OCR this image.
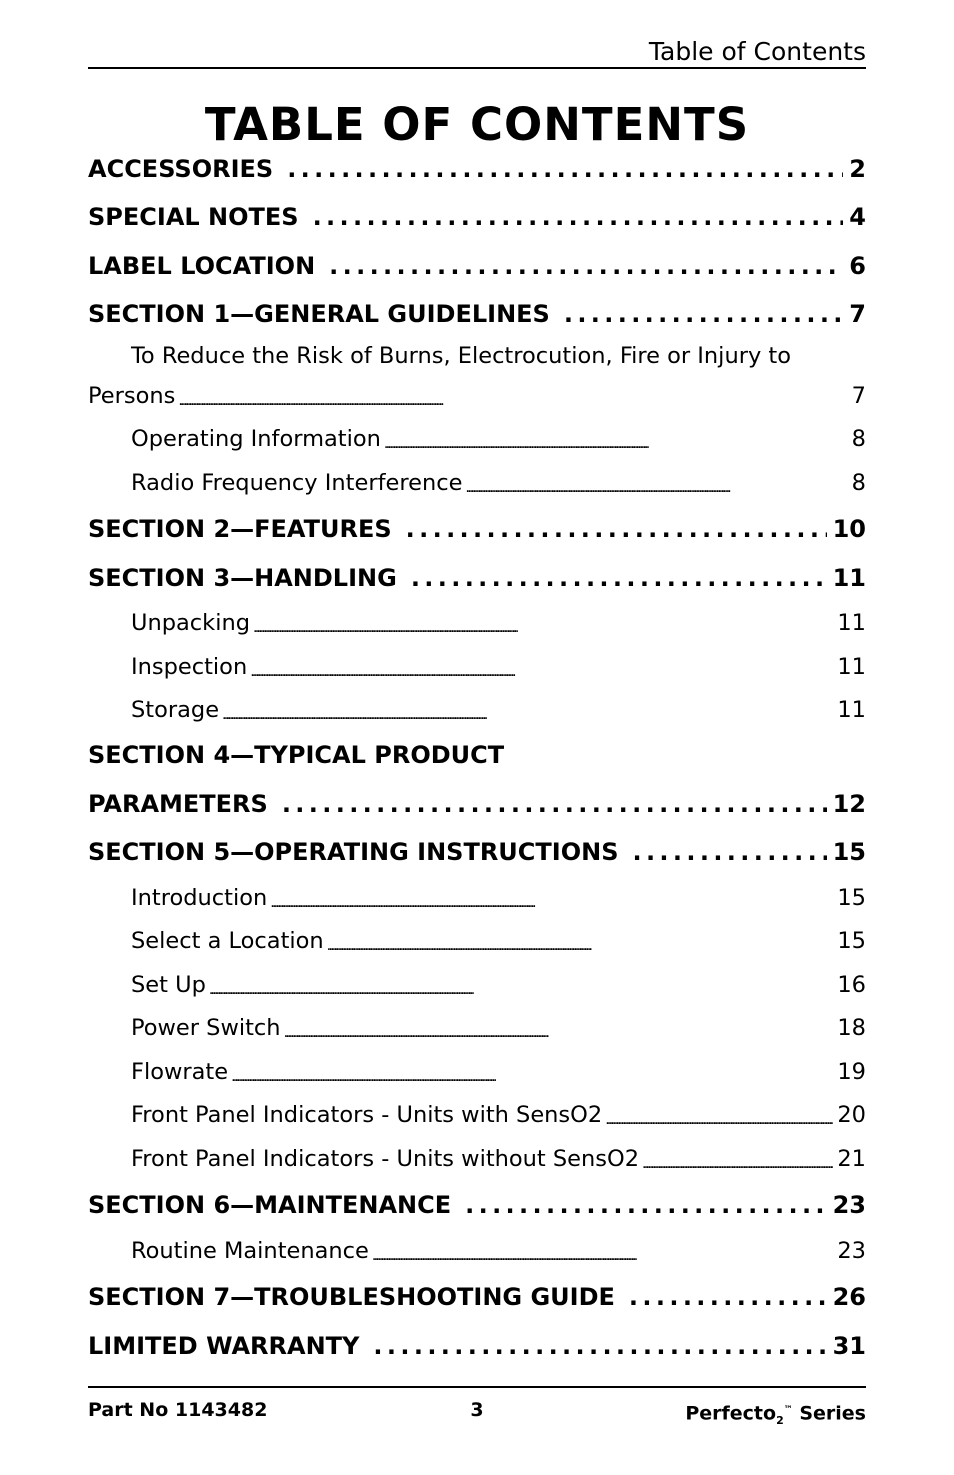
Table of Contents
TABLE OF CONTENTS
ACCESSORIES . . .	2
SPECIAL NOTES . . .	4
LABEL LOCATION . . .	6
SECTION 1—GENERAL GUIDELINES . . .	7
To Reduce the Risk of Burns, Electrocution, Fire or Injury to
Persons . . .	7
Operating Information . . .	8
Radio Frequency Interference . . .	8
SECTION 2—FEATURES . . .	10
SECTION 3—HANDLING . . .	11
Unpacking . . .	11
Inspection . . .	11
Storage . . .	11
SECTION 4—TYPICAL PRODUCT
PARAMETERS . . .	12
SECTION 5—OPERATING INSTRUCTIONS . . .	15
Introduction . . .	15
Select a Location . . .	15
Set Up . . .	16
Power Switch . . .	18
Flowrate . . .	19
Front Panel Indicators - Units with SensO2 . . .	20
Front Panel Indicators - Units without SensO2 . . .	21
SECTION 6—MAINTENANCE . . .	23
Routine Maintenance . . .	23
SECTION 7—TROUBLESHOOTING GUIDE . . .	26
LIMITED WARRANTY . . .	31
Part No 1143482	3	Perfecto$_2$™ Series
